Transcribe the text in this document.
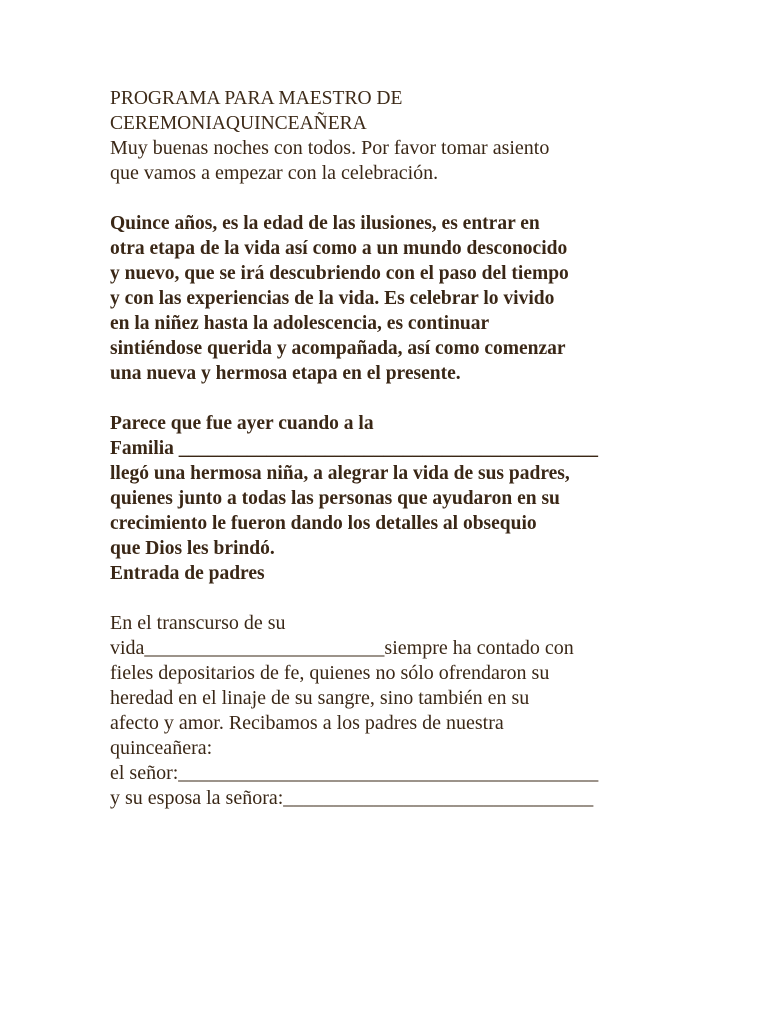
PROGRAMA PARA MAESTRO DE
CEREMONIAQUINCEAÑERA
Muy buenas noches con todos. Por favor tomar asiento
que vamos a empezar con la celebración.
Quince años, es la edad de las ilusiones, es entrar en
otra etapa de la vida así como a un mundo desconocido
y nuevo, que se irá descubriendo con el paso del tiempo
y con las experiencias de la vida. Es celebrar lo vivido
en la niñez hasta la adolescencia, es continuar
sintiéndose querida y acompañada, así como comenzar
una nueva y hermosa etapa en el presente.
Parece que fue ayer cuando a la
Familia ___________________________________________
llegó una hermosa niña, a alegrar la vida de sus padres,
quienes junto a todas las personas que ayudaron en su
crecimiento le fueron dando los detalles al obsequio
que Dios les brindó.
Entrada de padres
En el transcurso de su
vida________________________siempre ha contado con
fieles depositarios de fe, quienes no sólo ofrendaron su
heredad en el linaje de su sangre, sino también en su
afecto y amor. Recibamos a los padres de nuestra
quinceañera:
el señor:__________________________________________
y su esposa la señora:_______________________________
